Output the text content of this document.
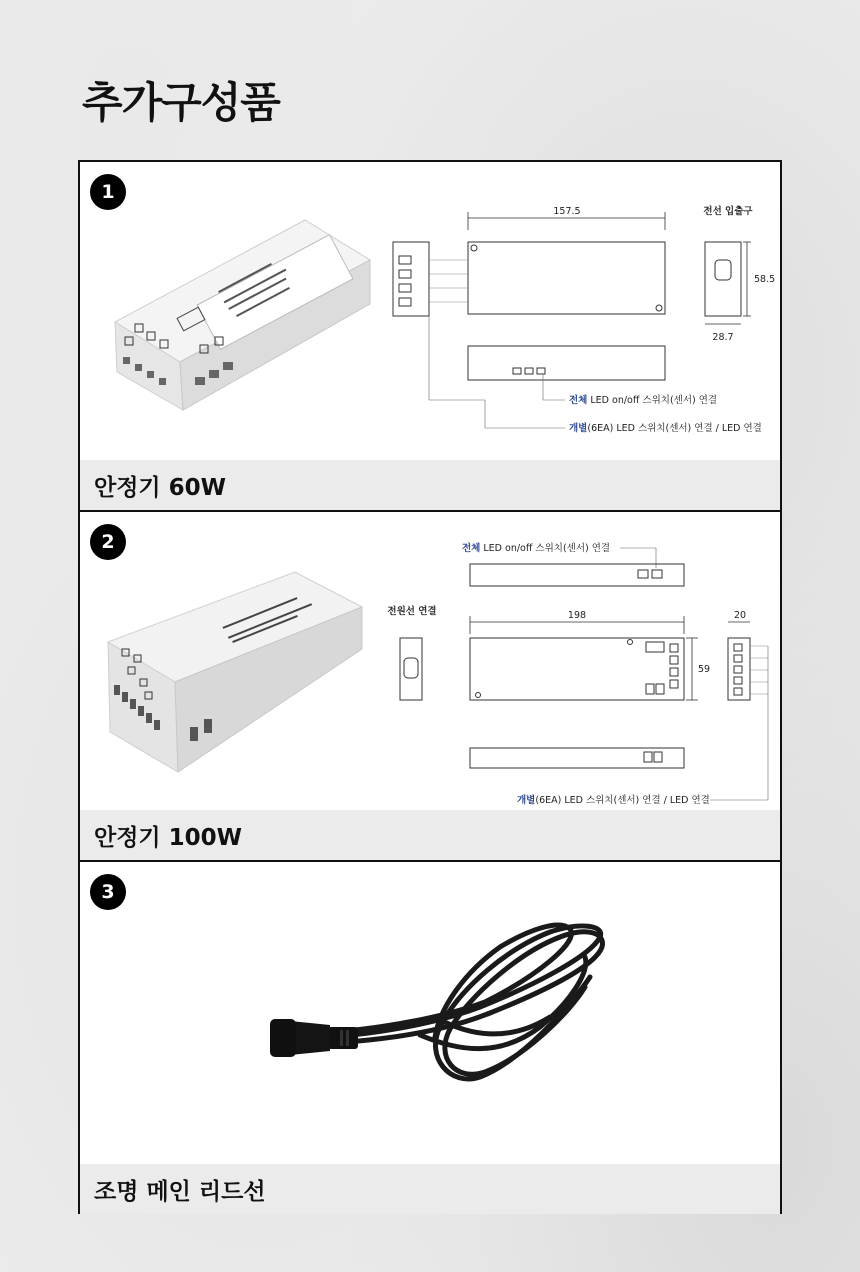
추가구성품
1
157.5	전선 입출구
58.5
28.7
전체 LED on/off 스위치(센서) 연결
개별(6EA) LED 스위치(센서) 연결 / LED 연결
안정기 60W
2	전체 LED on/off 스위치(센서) 연결
전원선 연결	198
59
20
개별(6EA) LED 스위치(센서) 연결 / LED 연결
안정기 100W
3
조명 메인 리드선
